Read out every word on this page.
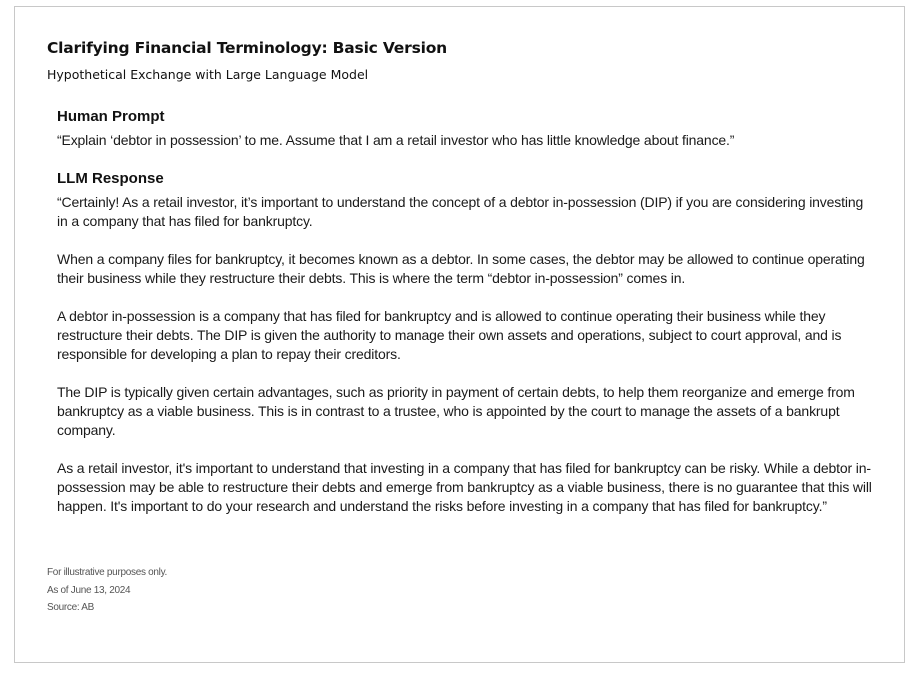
Clarifying Financial Terminology: Basic Version
Hypothetical Exchange with Large Language Model
Human Prompt

“Explain ‘debtor in possession’ to me. Assume that I am a retail investor who has little knowledge about finance.”

LLM Response

“Certainly! As a retail investor, it’s important to understand the concept of a debtor in-possession (DIP) if you are considering investing in a company that has filed for bankruptcy.

When a company files for bankruptcy, it becomes known as a debtor. In some cases, the debtor may be allowed to continue operating their business while they restructure their debts. This is where the term “debtor in-possession” comes in.

A debtor in-possession is a company that has filed for bankruptcy and is allowed to continue operating their business while they restructure their debts. The DIP is given the authority to manage their own assets and operations, subject to court approval, and is responsible for developing a plan to repay their creditors.

The DIP is typically given certain advantages, such as priority in payment of certain debts, to help them reorganize and emerge from bankruptcy as a viable business. This is in contrast to a trustee, who is appointed by the court to manage the assets of a bankrupt company.

As a retail investor, it's important to understand that investing in a company that has filed for bankruptcy can be risky. While a debtor in-possession may be able to restructure their debts and emerge from bankruptcy as a viable business, there is no guarantee that this will happen. It's important to do your research and understand the risks before investing in a company that has filed for bankruptcy.”

For illustrative purposes only.
As of June 13, 2024
Source: AB
